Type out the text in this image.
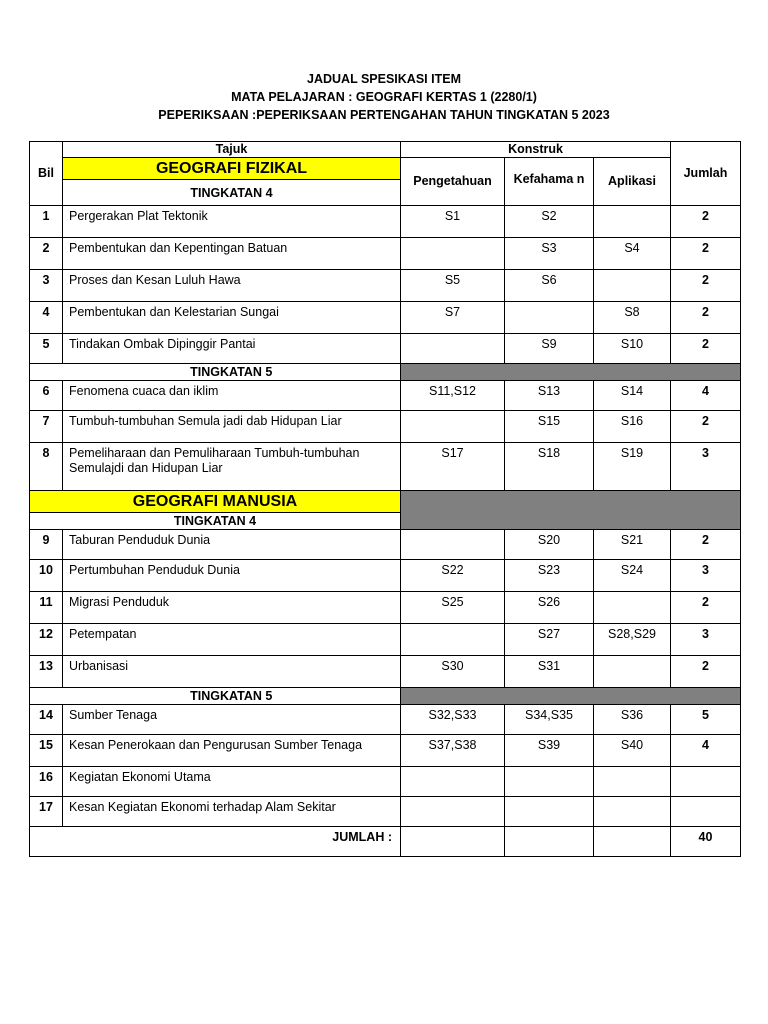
JADUAL SPESIKASI ITEM
MATA PELAJARAN : GEOGRAFI KERTAS 1 (2280/1)
PEPERIKSAAN :PEPERIKSAAN PERTENGAHAN TAHUN TINGKATAN 5 2023
Bil	Tajuk	Konstruk			Jumlah
	GEOGRAFI FIZIKAL	Pengetahuan	Kefahama n	Aplikasi	
	TINGKATAN 4				
1	Pergerakan Plat Tektonik	S1	S2		2
2	Pembentukan dan Kepentingan Batuan		S3	S4	2
3	Proses dan Kesan Luluh Hawa	S5	S6		2
4	Pembentukan dan Kelestarian Sungai	S7		S8	2
5	Tindakan Ombak Dipinggir Pantai		S9	S10	2
	TINGKATAN 5				
6	Fenomena cuaca dan iklim	S11,S12	S13	S14	4
7	Tumbuh-tumbuhan Semula jadi dab Hidupan Liar		S15	S16	2
8	Pemeliharaan dan Pemuliharaan Tumbuh-tumbuhan Semulajdi dan Hidupan Liar	S17	S18	S19	3
GEOGRAFI MANUSIA					
TINGKATAN 4					
9	Taburan Penduduk Dunia		S20	S21	2
10	Pertumbuhan Penduduk Dunia	S22	S23	S24	3
11	Migrasi Penduduk	S25	S26		2
12	Petempatan		S27	S28,S29	3
13	Urbanisasi	S30	S31		2
	TINGKATAN 5				
14	Sumber Tenaga	S32,S33	S34,S35	S36	5
15	Kesan Penerokaan dan Pengurusan Sumber Tenaga	S37,S38	S39	S40	4
16	Kegiatan Ekonomi Utama				
17	Kesan Kegiatan Ekonomi terhadap Alam Sekitar				
JUMLAH :					40
